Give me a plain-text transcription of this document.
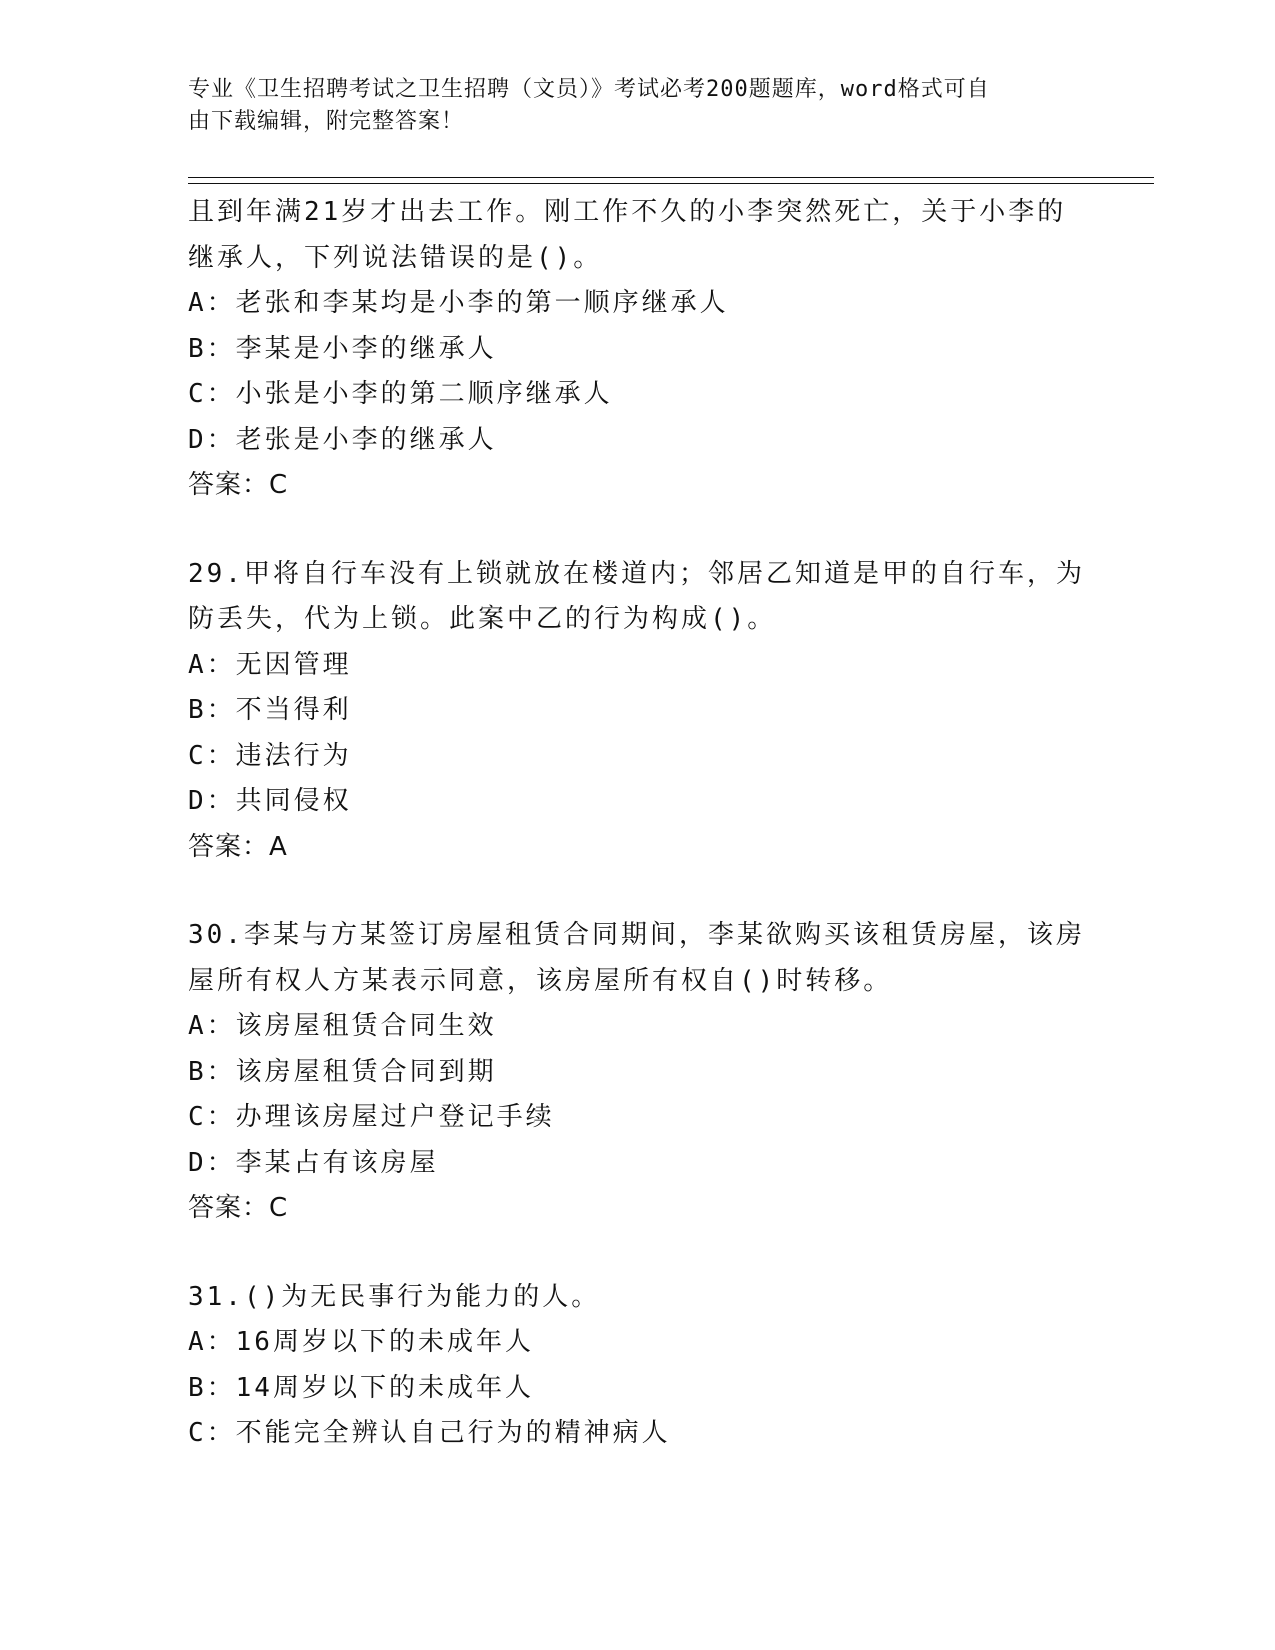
专业《卫生招聘考试之卫生招聘（文员）》考试必考200题题库，word格式可自
由下载编辑，附完整答案！
且到年满21岁才出去工作。刚工作不久的小李突然死亡，关于小李的
继承人，下列说法错误的是()。
A：老张和李某均是小李的第一顺序继承人
B：李某是小李的继承人
C：小张是小李的第二顺序继承人
D：老张是小李的继承人
答案：C
29.甲将自行车没有上锁就放在楼道内；邻居乙知道是甲的自行车，为
防丢失，代为上锁。此案中乙的行为构成()。
A：无因管理
B：不当得利
C：违法行为
D：共同侵权
答案：A
30.李某与方某签订房屋租赁合同期间，李某欲购买该租赁房屋，该房
屋所有权人方某表示同意，该房屋所有权自()时转移。
A：该房屋租赁合同生效
B：该房屋租赁合同到期
C：办理该房屋过户登记手续
D：李某占有该房屋
答案：C
31.()为无民事行为能力的人。
A：16周岁以下的未成年人
B：14周岁以下的未成年人
C：不能完全辨认自己行为的精神病人
